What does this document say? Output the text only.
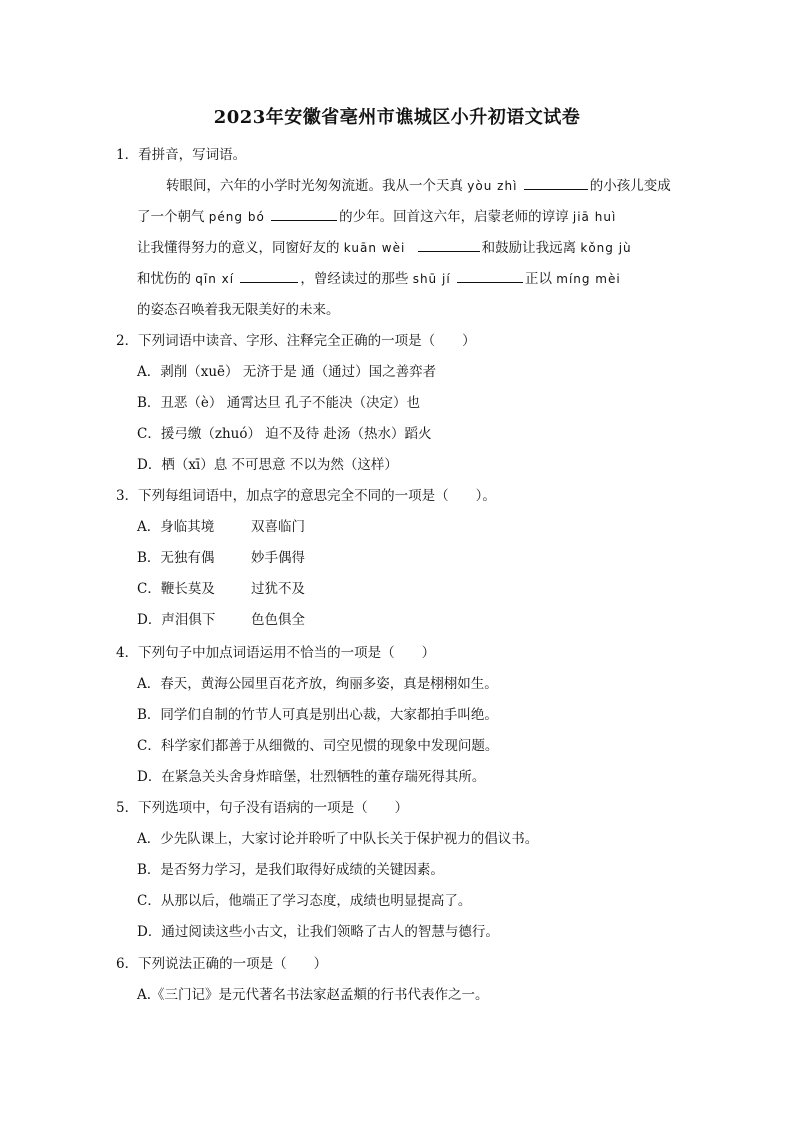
2023年安徽省亳州市谯城区小升初语文试卷
1．看拼音，写词语。
转眼间，六年的小学时光匆匆流逝。我从一个天真 yòu zhì	的小孩儿变成
了一个朝气 péng bó	的少年。回首这六年，启蒙老师的谆谆 jiā huì
让我懂得努力的意义，同窗好友的 kuān wèi	和鼓励让我远离 kǒng jù
和忧伤的 qīn xí	，曾经读过的那些 shū jí	正以 míng mèi
的姿态召唤着我无限美好的未来。
2．下列词语中读音、字形、注释完全正确的一项是（　　）
A．剥削（xuē） 无济于是 通（通过）国之善弈者
B．丑恶（è） 通霄达旦 孔子不能决（决定）也
C．援弓缴（zhuó） 迫不及待 赴汤（热水）蹈火
D．栖（xī）息 不可思意 不以为然（这样）
3．下列每组词语中，加点字的意思完全不同的一项是（　　）。
A．身临其境	双喜临门
B．无独有偶	妙手偶得
C．鞭长莫及	过犹不及
D．声泪俱下	色色俱全
4．下列句子中加点词语运用不恰当的一项是（　　）
A．春天，黄海公园里百花齐放，绚丽多姿，真是栩栩如生。
B．同学们自制的竹节人可真是别出心裁，大家都拍手叫绝。
C．科学家们都善于从细微的、司空见惯的现象中发现问题。
D．在紧急关头舍身炸暗堡，壮烈牺牲的董存瑞死得其所。
5．下列选项中，句子没有语病的一项是（　　）
A．少先队课上，大家讨论并聆听了中队长关于保护视力的倡议书。
B．是否努力学习，是我们取得好成绩的关键因素。
C．从那以后，他端正了学习态度，成绩也明显提高了。
D．通过阅读这些小古文，让我们领略了古人的智慧与德行。
6．下列说法正确的一项是（　　）
A.《三门记》是元代著名书法家赵孟頫的行书代表作之一。
